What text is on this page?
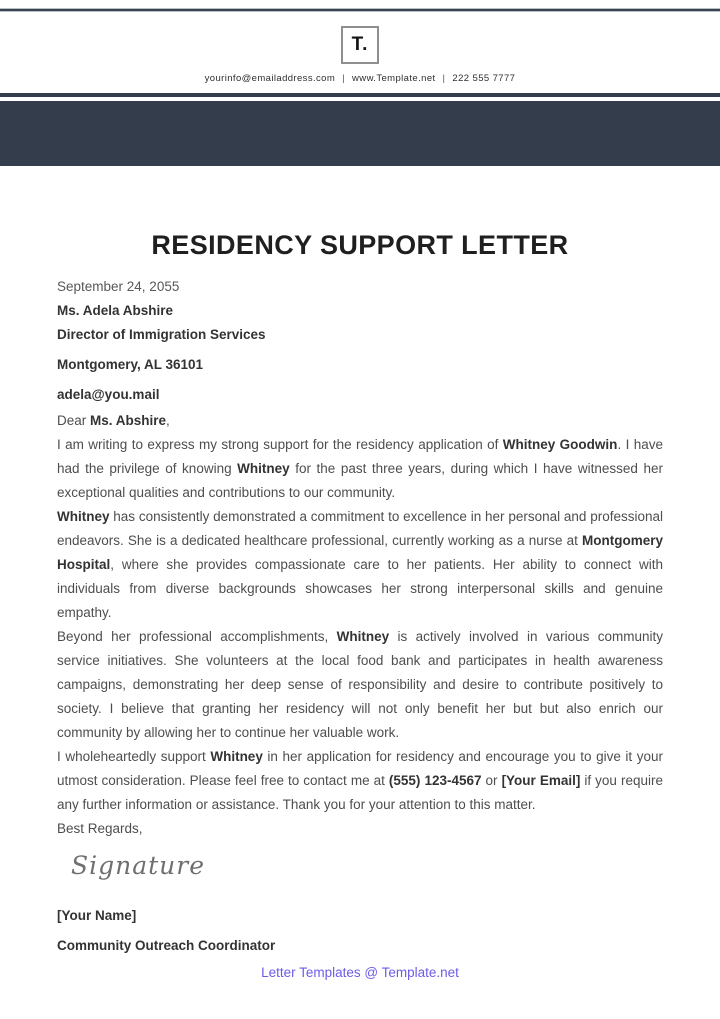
T.
yourinfo@emailaddress.com | www.Template.net | 222 555 7777
RESIDENCY SUPPORT LETTER
September 24, 2055
Ms. Adela Abshire
Director of Immigration Services
Montgomery, AL 36101
adela@you.mail
Dear Ms. Abshire,
I am writing to express my strong support for the residency application of Whitney Goodwin. I have had the privilege of knowing Whitney for the past three years, during which I have witnessed her exceptional qualities and contributions to our community.
Whitney has consistently demonstrated a commitment to excellence in her personal and professional endeavors. She is a dedicated healthcare professional, currently working as a nurse at Montgomery Hospital, where she provides compassionate care to her patients. Her ability to connect with individuals from diverse backgrounds showcases her strong interpersonal skills and genuine empathy.
Beyond her professional accomplishments, Whitney is actively involved in various community service initiatives. She volunteers at the local food bank and participates in health awareness campaigns, demonstrating her deep sense of responsibility and desire to contribute positively to society. I believe that granting her residency will not only benefit her but but also enrich our community by allowing her to continue her valuable work.
I wholeheartedly support Whitney in her application for residency and encourage you to give it your utmost consideration. Please feel free to contact me at (555) 123-4567 or [Your Email] if you require any further information or assistance. Thank you for your attention to this matter.
Best Regards,
Signature
[Your Name]
Community Outreach Coordinator
Letter Templates @ Template.net
